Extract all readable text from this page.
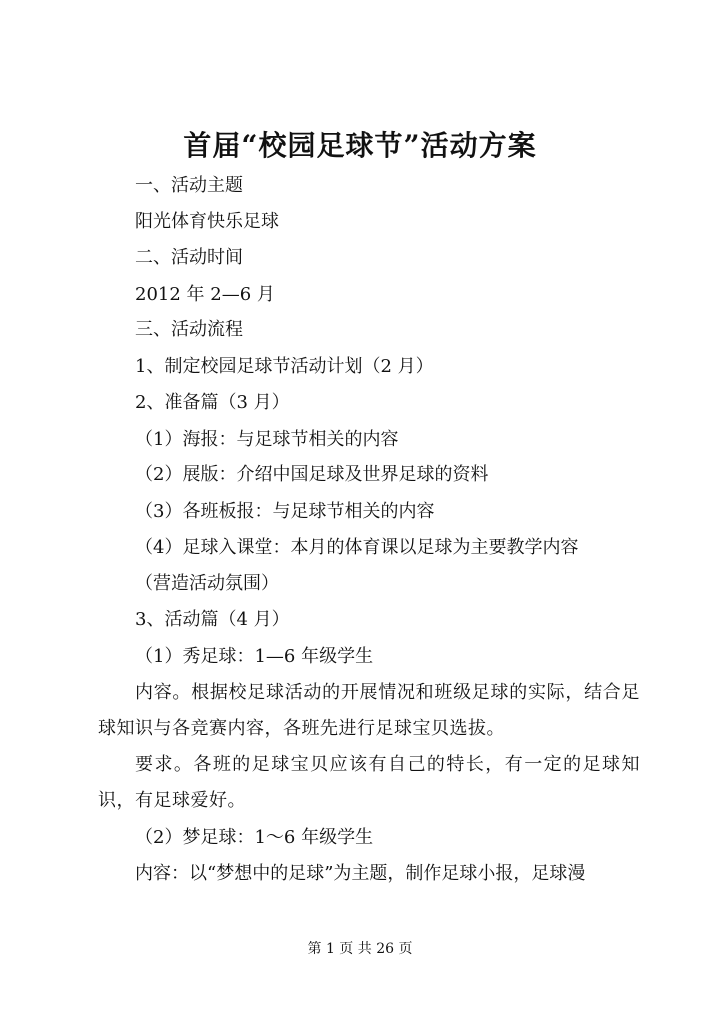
首届“校园足球节”活动方案

一、活动主题

阳光体育快乐足球

二、活动时间

2012 年 2—6 月

三、活动流程

1、制定校园足球节活动计划（2 月）

2、准备篇（3 月）

（1）海报：与足球节相关的内容

（2）展版：介绍中国足球及世界足球的资料

（3）各班板报：与足球节相关的内容

（4）足球入课堂：本月的体育课以足球为主要教学内容

（营造活动氛围）

3、活动篇（4 月）

（1）秀足球：1—6 年级学生

内容。根据校足球活动的开展情况和班级足球的实际，结合足球知识与各竞赛内容，各班先进行足球宝贝选拔。

要求。各班的足球宝贝应该有自己的特长，有一定的足球知识，有足球爱好。

（2）梦足球：1～6 年级学生

内容：以“梦想中的足球”为主题，制作足球小报，足球漫

第 1 页 共 26 页
